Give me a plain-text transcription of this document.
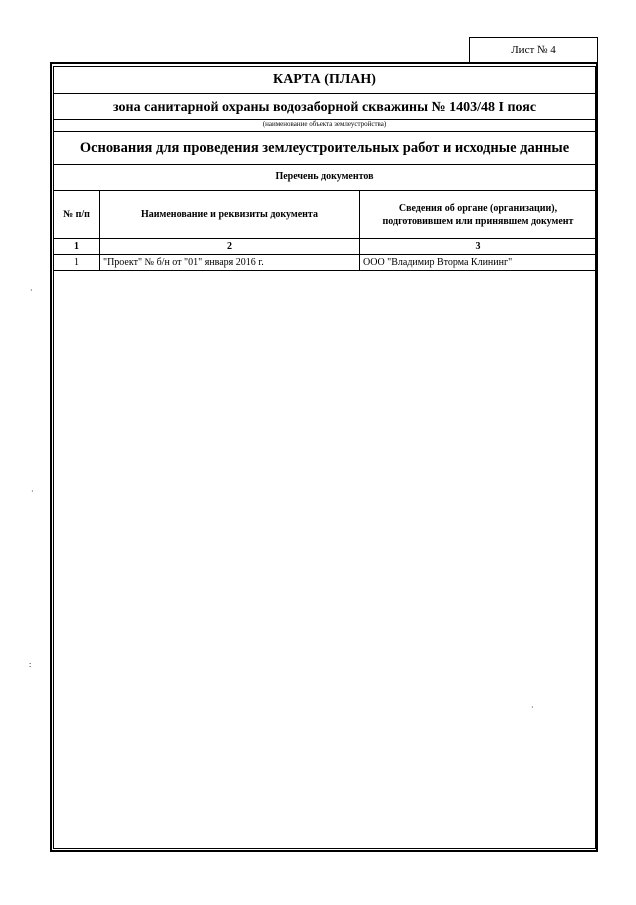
Лист № 4
КАРТА (ПЛАН)
зона санитарной охраны водозаборной скважины № 1403/48 I пояс
(наименование объекта землеустройства)
Основания для проведения землеустроительных работ и исходные данные
Перечень документов
№ п/п	Наименование и реквизиты документа	Сведения об органе (организации), подготовившем или принявшем документ
1	2	3
1	"Проект" № б/н от "01" января 2016 г.	ООО "Владимир Вторма Клининг"
·
·
:
·
